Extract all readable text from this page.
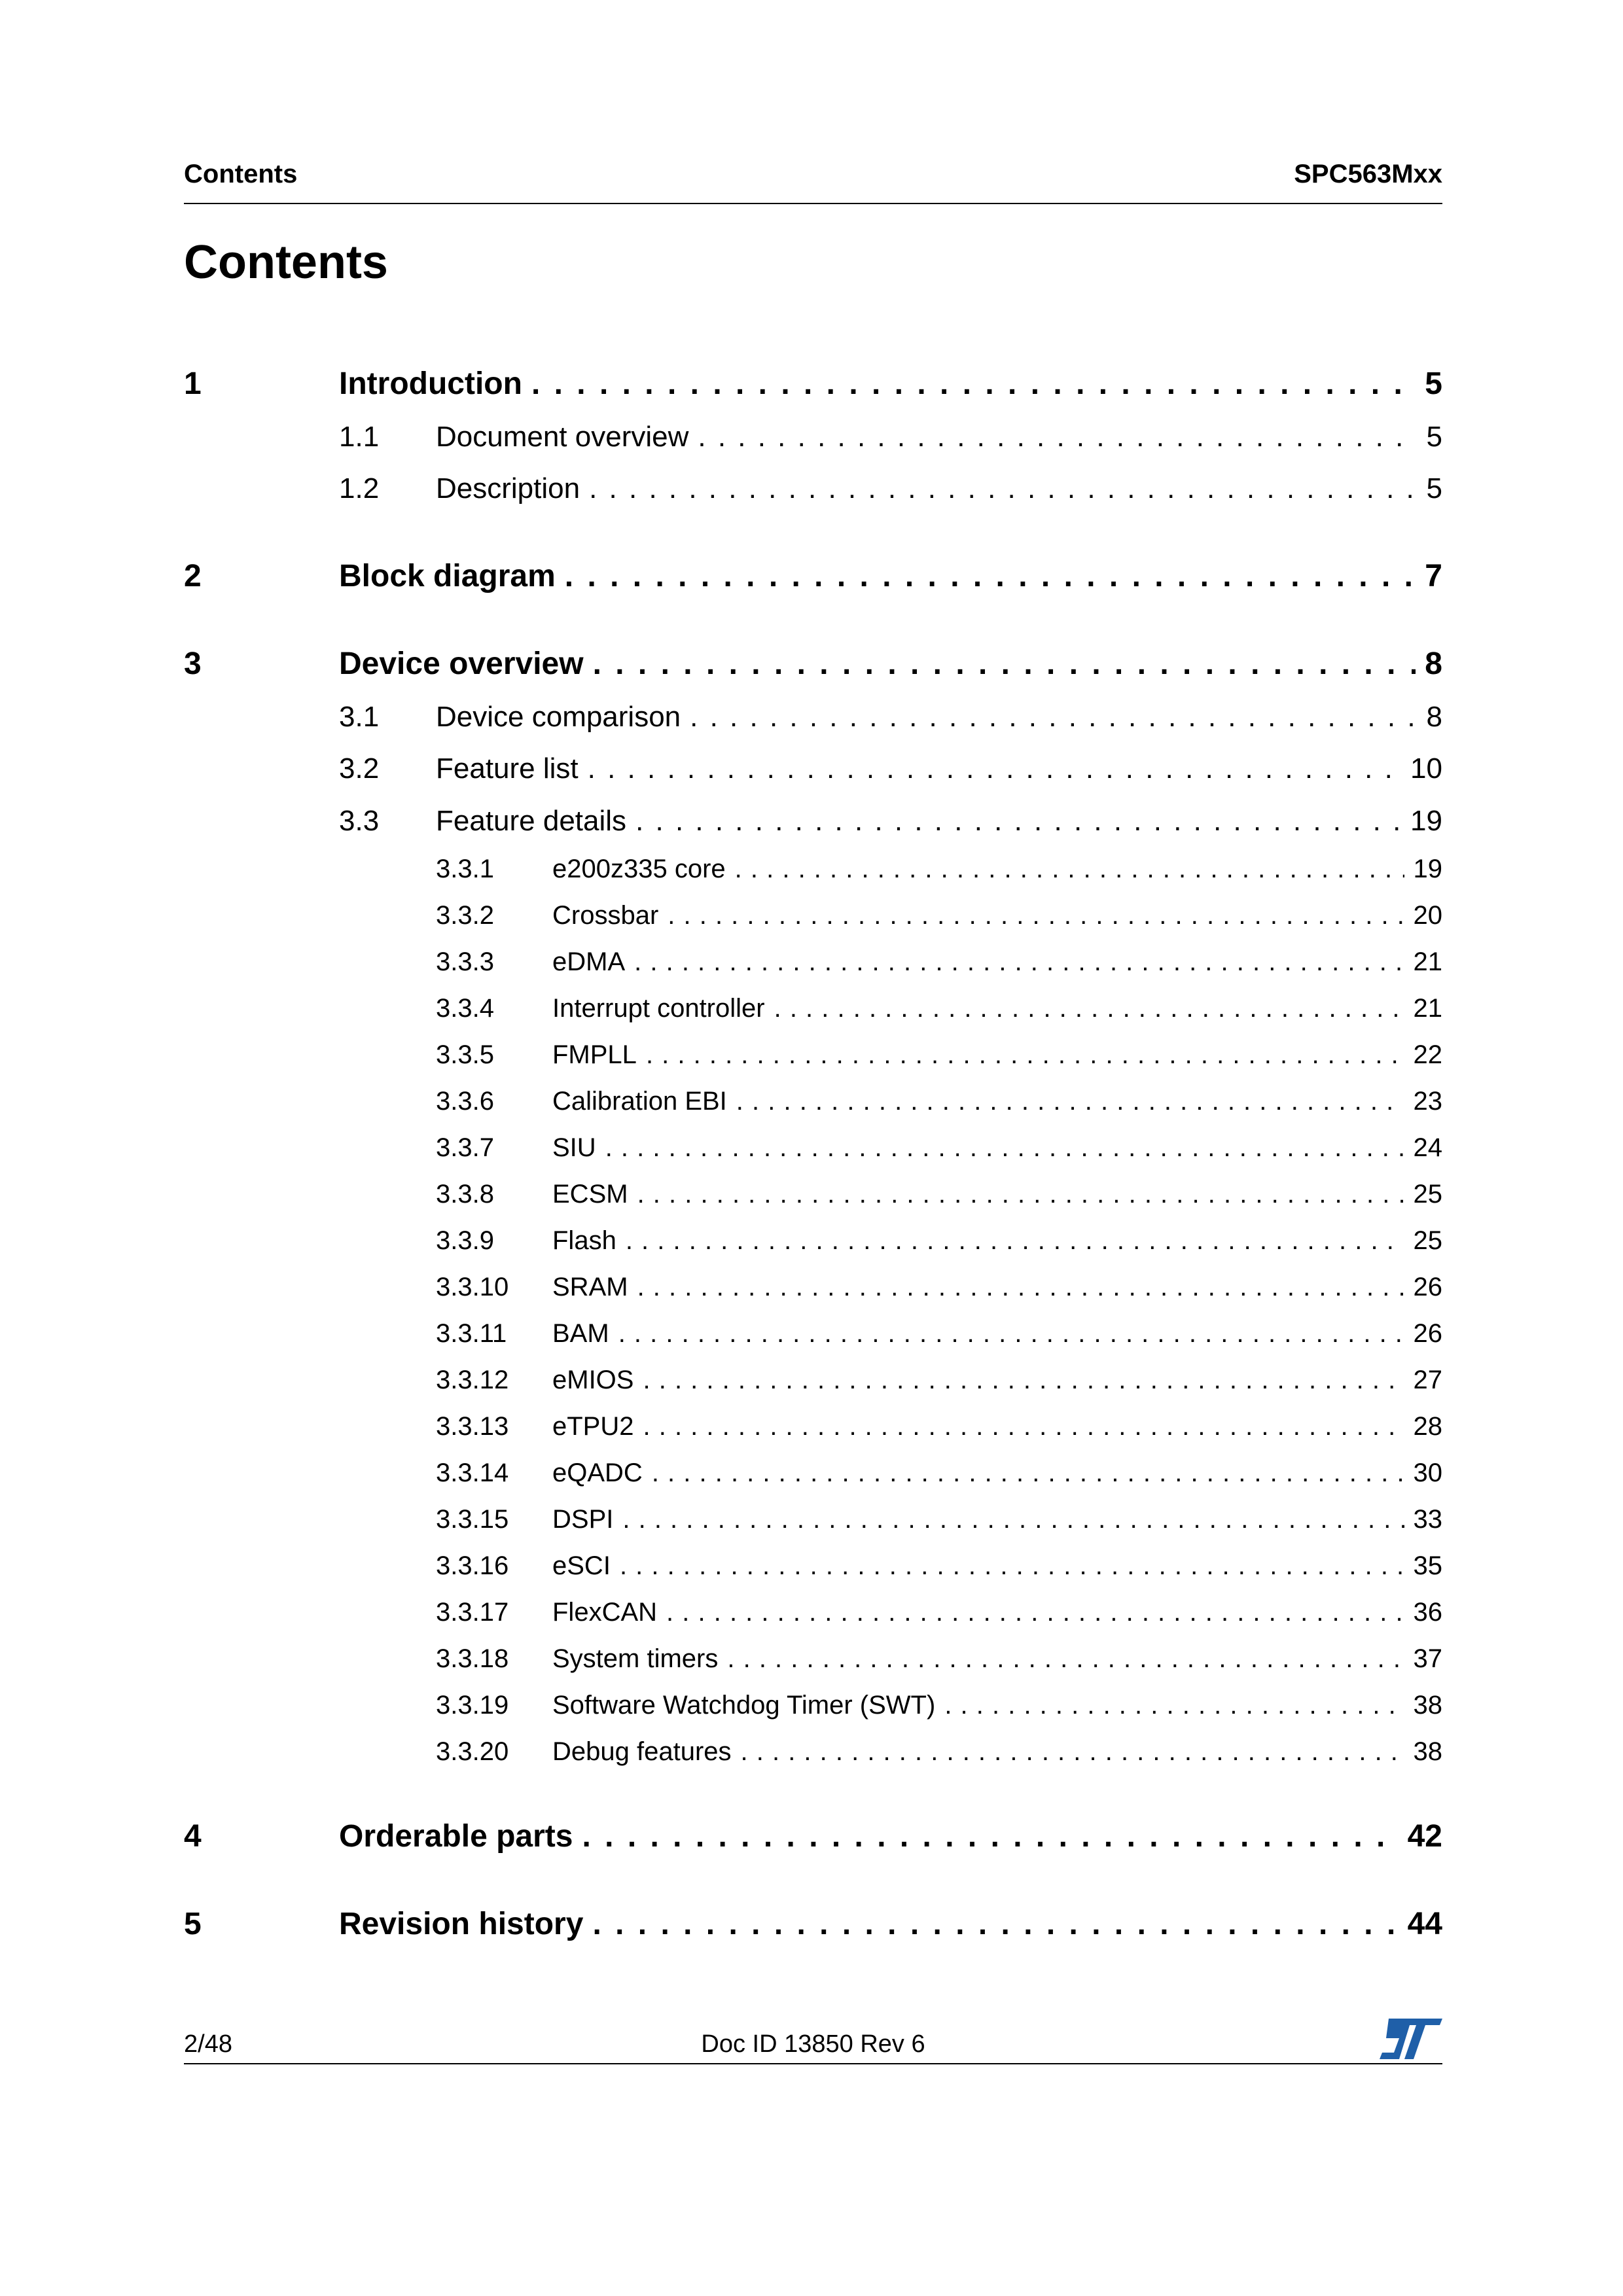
Contents	SPC563Mxx
Contents
1	Introduction . . .	5
1.1	Document overview . . .	5
1.2	Description . . .	5
2	Block diagram . . .	7
3	Device overview . . .	8
3.1	Device comparison . . .	8
3.2	Feature list . . .	10
3.3	Feature details . . .	19
3.3.1	e200z335 core . . .	19
3.3.2	Crossbar . . .	20
3.3.3	eDMA . . .	21
3.3.4	Interrupt controller . . .	21
3.3.5	FMPLL . . .	22
3.3.6	Calibration EBI . . .	23
3.3.7	SIU . . .	24
3.3.8	ECSM . . .	25
3.3.9	Flash . . .	25
3.3.10	SRAM . . .	26
3.3.11	BAM . . .	26
3.3.12	eMIOS . . .	27
3.3.13	eTPU2 . . .	28
3.3.14	eQADC . . .	30
3.3.15	DSPI . . .	33
3.3.16	eSCI . . .	35
3.3.17	FlexCAN . . .	36
3.3.18	System timers . . .	37
3.3.19	Software Watchdog Timer (SWT) . . .	38
3.3.20	Debug features . . .	38
4	Orderable parts . . .	42
5	Revision history . . .	44
2/48	Doc ID 13850 Rev 6
